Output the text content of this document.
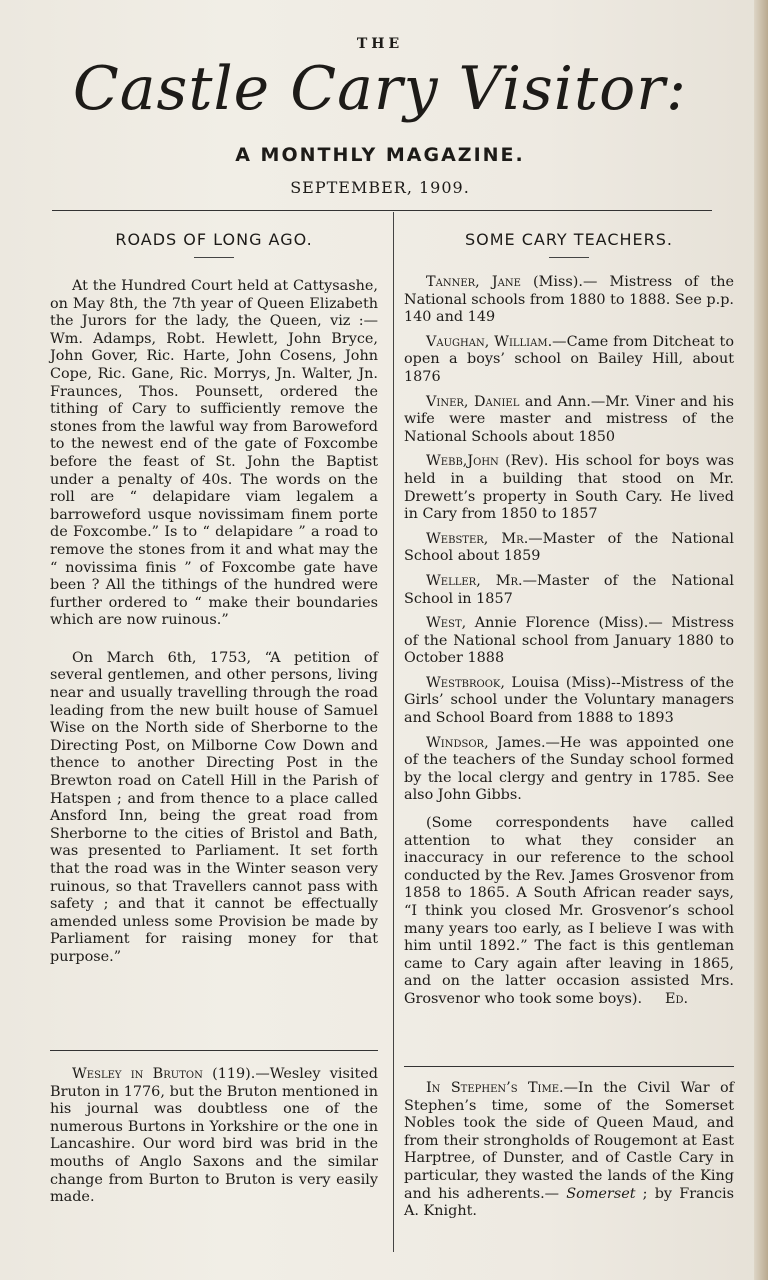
THE
Castle Cary Visitor:
A MONTHLY MAGAZINE.
SEPTEMBER, 1909.
ROADS OF LONG AGO.

At the Hundred Court held at Cattysashe, on May 8th, the 7th year of Queen Elizabeth the Jurors for the lady, the Queen, viz :—Wm. Adamps, Robt. Hewlett, John Bryce, John Gover, Ric. Harte, John Cosens, John Cope, Ric. Gane, Ric. Morrys, Jn. Walter, Jn. Fraunces, Thos. Pounsett, ordered the tithing of Cary to sufficiently remove the stones from the lawful way from Baroweford to the newest end of the gate of Foxcombe before the feast of St. John the Baptist under a penalty of 40s. The words on the roll are “ delapidare viam legalem a barroweford usque novissimam finem porte de Foxcombe.” Is to “ delapidare ” a road to remove the stones from it and what may the “ novissima finis ” of Foxcombe gate have been ? All the tithings of the hundred were further ordered to “ make their boundaries which are now ruinous.”

On March 6th, 1753, “A petition of several gentlemen, and other persons, living near and usually travelling through the road leading from the new built house of Samuel Wise on the North side of Sherborne to the Directing Post, on Milborne Cow Down and thence to another Directing Post in the Brewton road on Catell Hill in the Parish of Hatspen ; and from thence to a place called Ansford Inn, being the great road from Sherborne to the cities of Bristol and Bath, was presented to Parliament. It set forth that the road was in the Winter season very ruinous, so that Travellers cannot pass with safety ; and that it cannot be effectually amended unless some Provision be made by Parliament for raising money for that purpose.”

Wesley in Bruton (119).—Wesley visited Bruton in 1776, but the Bruton mentioned in his journal was doubtless one of the numerous Burtons in Yorkshire or the one in Lancashire. Our word bird was brid in the mouths of Anglo Saxons and the similar change from Burton to Bruton is very easily made.

SOME CARY TEACHERS.

Tanner, Jane (Miss).— Mistress of the National schools from 1880 to 1888. See p.p. 140 and 149

Vaughan, William.—Came from Ditcheat to open a boys’ school on Bailey Hill, about 1876

Viner, Daniel and Ann.—Mr. Viner and his wife were master and mistress of the National Schools about 1850

Webb,John (Rev). His school for boys was held in a building that stood on Mr. Drewett’s property in South Cary. He lived in Cary from 1850 to 1857

Webster, Mr.—Master of the National School about 1859

Weller, Mr.—Master of the National School in 1857

West, Annie Florence (Miss).— Mistress of the National school from January 1880 to October 1888

Westbrook, Louisa (Miss)--Mistress of the Girls’ school under the Voluntary managers and School Board from 1888 to 1893

Windsor, James.—He was appointed one of the teachers of the Sunday school formed by the local clergy and gentry in 1785. See also John Gibbs.

(Some correspondents have called attention to what they consider an inaccuracy in our reference to the school conducted by the Rev. James Grosvenor from 1858 to 1865. A South African reader says, “I think you closed Mr. Grosvenor’s school many years too early, as I believe I was with him until 1892.” The fact is this gentleman came to Cary again after leaving in 1865, and on the latter occasion assisted Mrs. Grosvenor who took some boys). Ed.

In Stephen’s Time.—In the Civil War of Stephen’s time, some of the Somerset Nobles took the side of Queen Maud, and from their strongholds of Rougemont at East Harptree, of Dunster, and of Castle Cary in particular, they wasted the lands of the King and his adherents.— Somerset ; by Francis A. Knight.
